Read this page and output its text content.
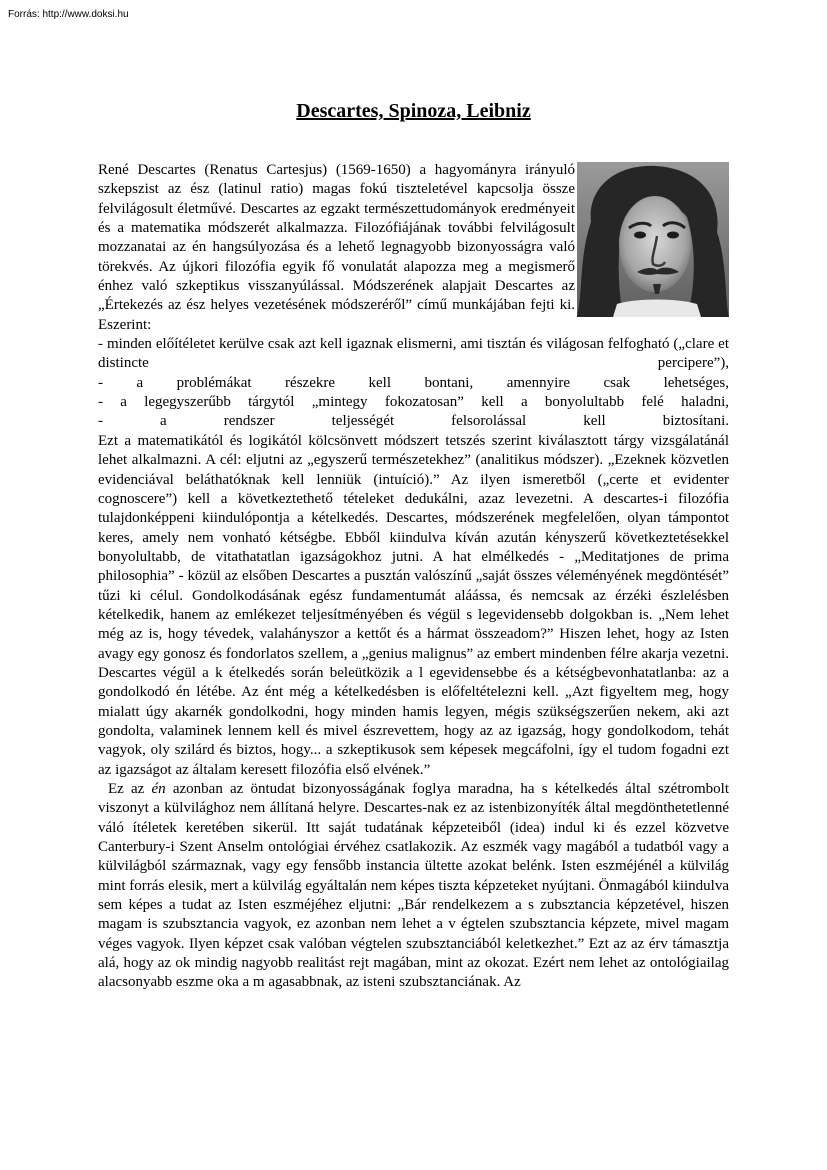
Forrás: http://www.doksi.hu
Descartes, Spinoza, Leibniz

René Descartes (Renatus Cartesjus) (1569-1650) a hagyományra irányuló szkepszist az ész (latinul ratio) magas fokú tiszteletével kapcsolja össze felvilágosult életművé. Descartes az egzakt természettudományok eredményeit és a matematika módszerét alkalmazza. Filozófiájának további felvilágosult mozzanatai az én hangsúlyozása és a lehető legnagyobb bizonyosságra való törekvés. Az újkori filozófia egyik fő vonulatát alapozza meg a megismerő énhez való szkeptikus visszanyúlással. Módszerének alapjait Descartes az „Értekezés az ész helyes vezetésének módszeréről” című munkájában fejti ki. Eszerint:

- minden előítéletet kerülve csak azt kell igaznak elismerni, ami tisztán és világosan felfogható („clare et distincte percipere”),
- a problémákat részekre kell bontani, amennyire csak lehetséges,
- a legegyszerűbb tárgytól „mintegy fokozatosan” kell a bonyolultabb felé haladni,
- a rendszer teljességét felsorolással kell biztosítani.

Ezt a matematikától és logikától kölcsönvett módszert tetszés szerint kiválasztott tárgy vizsgálatánál lehet alkalmazni. A cél: eljutni az „egyszerű természetekhez” (analitikus módszer). „Ezeknek közvetlen evidenciával beláthatóknak kell lenniük (intuíció).” Az ilyen ismeretből („certe et evidenter cognoscere”) kell a következtethető tételeket dedukálni, azaz levezetni. A descartes-i filozófia tulajdonképpeni kiindulópontja a kételkedés. Descartes, módszerének megfelelően, olyan támpontot keres, amely nem vonható kétségbe. Ebből kiindulva kíván azután kényszerű következtetésekkel bonyolultabb, de vitathatatlan igazságokhoz jutni. A hat elmélkedés - „Meditatjones de prima philosophia” - közül az elsőben Descartes a pusztán valószínű „saját összes véleményének megdöntését” tűzi ki célul. Gondolkodásának egész fundamentumát aláássa, és nemcsak az érzéki észlelésben kételkedik, hanem az emlékezet teljesítményében és végül s legevidensebb dolgokban is. „Nem lehet még az is, hogy tévedek, valahányszor a kettőt és a hármat összeadom?” Hiszen lehet, hogy az Isten avagy egy gonosz és fondorlatos szellem, a „genius malignus” az embert mindenben félre akarja vezetni. Descartes végül a k ételkedés során beleütközik a l egevidensebbe és a kétségbevonhatatlanba: az a gondolkodó én létébe. Az ént még a kételkedésben is előfeltételezni kell. „Azt figyeltem meg, hogy mialatt úgy akarnék gondolkodni, hogy minden hamis legyen, mégis szükségszerűen nekem, aki azt gondolta, valaminek lennem kell és mivel észrevettem, hogy az az igazság, hogy gondolkodom, tehát vagyok, oly szilárd és biztos, hogy... a szkeptikusok sem képesek megcáfolni, így el tudom fogadni ezt az igazságot az általam keresett filozófia első elvének.”

Ez az én azonban az öntudat bizonyosságának foglya maradna, ha s kételkedés által szétrombolt viszonyt a külvilághoz nem állítaná helyre. Descartes-nak ez az istenbizonyíték által megdönthetetlenné váló ítéletek keretében sikerül. Itt saját tudatának képzeteiből (idea) indul ki és ezzel közvetve Canterbury-i Szent Anselm ontológiai érvéhez csatlakozik. Az eszmék vagy magából a tudatból vagy a külvilágból származnak, vagy egy fensőbb instancia ültette azokat belénk. Isten eszméjénél a külvilág mint forrás elesik, mert a külvilág egyáltalán nem képes tiszta képzeteket nyújtani. Önmagából kiindulva sem képes a tudat az Isten eszméjéhez eljutni: „Bár rendelkezem a s zubsztancia képzetével, hiszen magam is szubsztancia vagyok, ez azonban nem lehet a v égtelen szubsztancia képzete, mivel magam véges vagyok. Ilyen képzet csak valóban végtelen szubsztanciából keletkezhet.” Ezt az az érv támasztja alá, hogy az ok mindig nagyobb realitást rejt magában, mint az okozat. Ezért nem lehet az ontológiailag alacsonyabb eszme oka a m agasabbnak, az isteni szubsztanciának. Az
